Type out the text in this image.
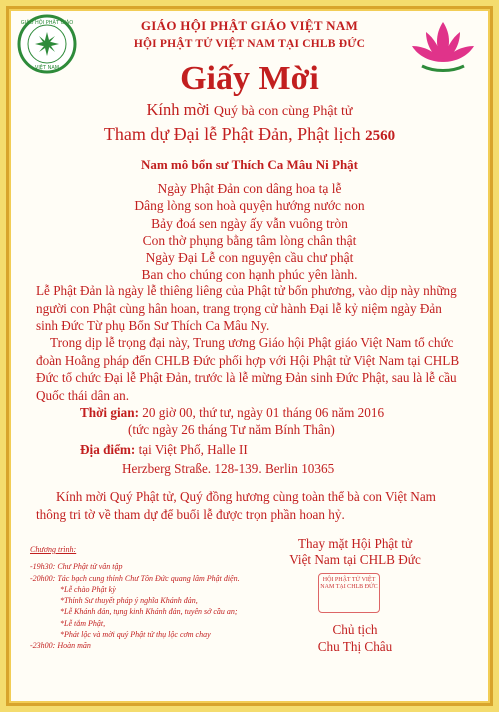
GIÁO HỘI PHẬT GIÁO
VIỆT NAM
GIÁO HỘI PHẬT GIÁO VIỆT NAM
HỘI PHẬT TỬ VIỆT NAM TẠI CHLB ĐỨC
Giấy Mời
Kính mời Quý bà con cùng Phật tử
Tham dự Đại lễ Phật Đản, Phật lịch 2560
Nam mô bổn sư Thích Ca Mâu Ni Phật
Ngày Phật Đản con dâng hoa tạ lễ
Dâng lòng son hoà quyện hướng nước non
Bảy đoá sen ngày ấy vẫn vuông tròn
Con thờ phụng bằng tâm lòng chân thật
Ngày Đại Lễ con nguyện cầu chư phật
Ban cho chúng con hạnh phúc yên lành.
Lễ Phật Đản là ngày lễ thiêng liêng của Phật tử bốn phương, vào dịp này những người con Phật cùng hân hoan, trang trọng cử hành Đại lễ kỷ niệm ngày Đản sinh Đức Từ phụ Bổn Sư Thích Ca Mâu Ny.
Trong dịp lễ trọng đại này, Trung ương Giáo hội Phật giáo Việt Nam tổ chức đoàn Hoằng pháp đến CHLB Đức phối hợp với Hội Phật tử Việt Nam tại CHLB Đức tổ chức Đại lễ Phật Đản, trước là lễ mừng Đản sinh Đức Phật, sau là lễ cầu Quốc thái dân an.
Thời gian: 20 giờ 00, thứ tư, ngày 01 tháng 06 năm 2016
(tức ngày 26 tháng Tư năm Bính Thân)
Địa điểm: tại Việt Phố, Halle II
Herzberg Straße. 128-139. Berlin 10365
Kính mời Quý Phật tử, Quý đồng hương cùng toàn thể bà con Việt Nam
thông tri tờ về tham dự để buổi lễ được trọn phần hoan hỷ.
Chương trình:
-19h30: Chư Phật tử vân tập
-20h00: Tác bạch cung thỉnh Chư Tôn Đức quang lâm Phật điện.
*Lễ chào Phật kỳ
*Thỉnh Sư thuyết pháp ý nghĩa Khánh đản,
*Lễ Khánh đản, tụng kinh Khánh đản, tuyên sớ cầu an;
*Lễ tắm Phật,
*Phát lộc và mời quý Phật tử thụ lộc cơm chay
-23h00: Hoàn mãn
Thay mặt Hội Phật tử
Việt Nam tại CHLB Đức
HỘI PHẬT TỬ VIỆT NAM TẠI CHLB ĐỨC
Chủ tịch
Chu Thị Châu
